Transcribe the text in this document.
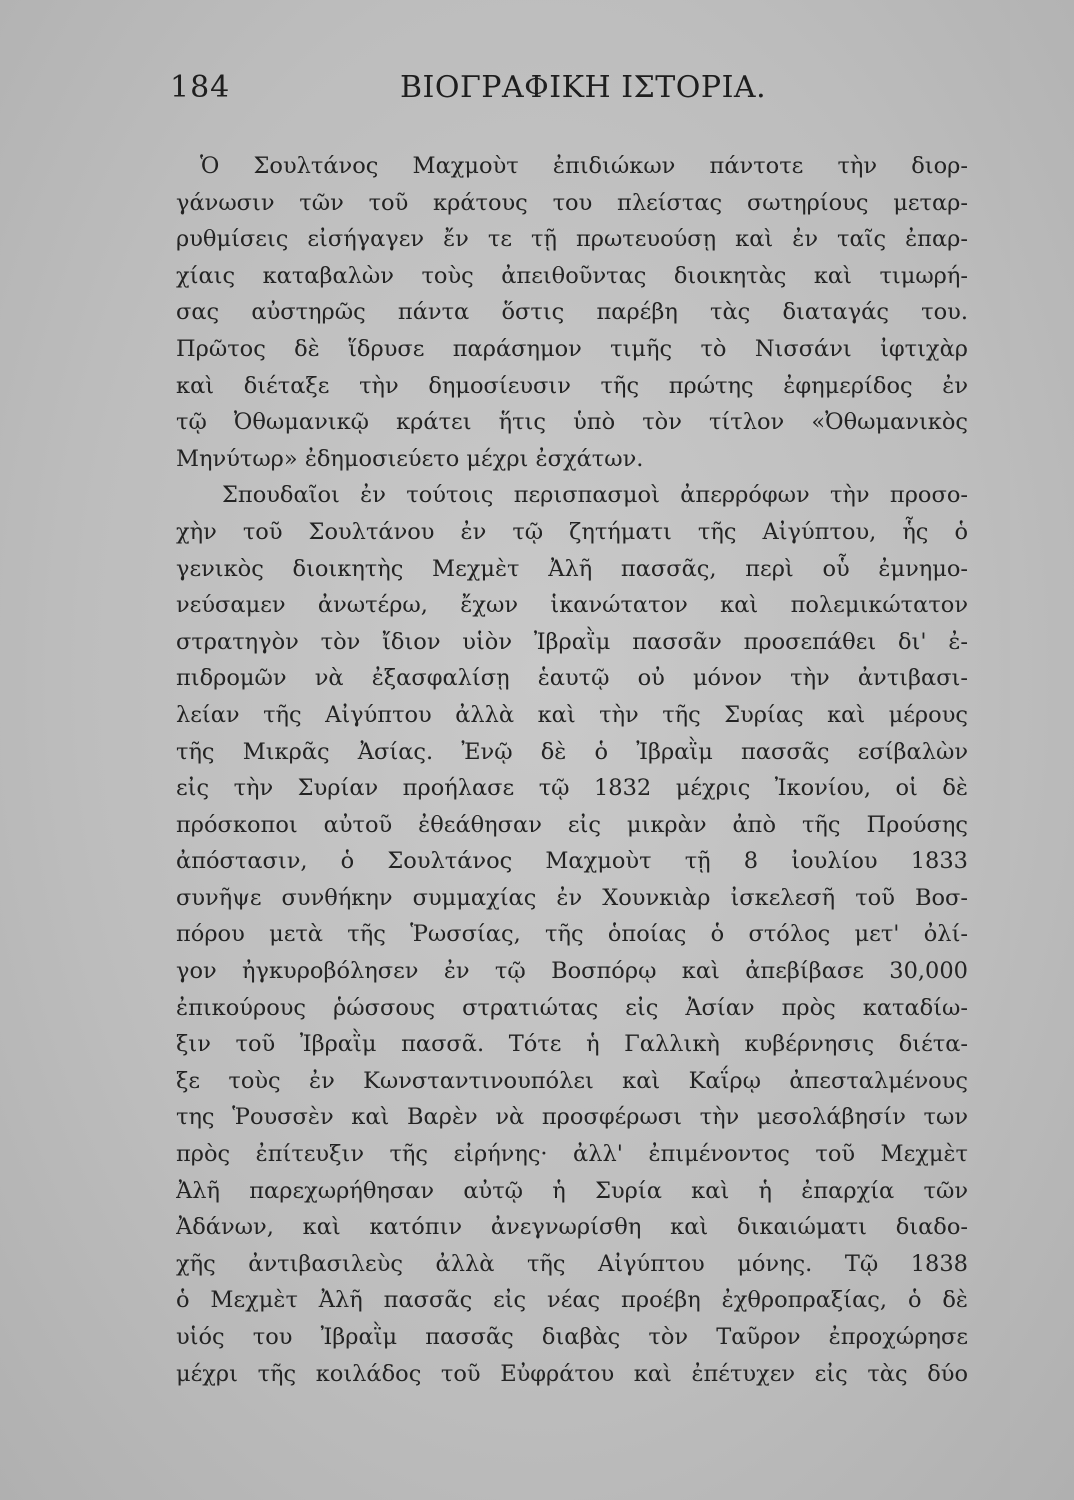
184	ΒΙΟΓΡΑΦΙΚΗ ΙΣΤΟΡΙΑ.
Ὁ Σουλτάνος Μαχμοὺτ ἐπιδιώκων πάντοτε τὴν διορ-
γάνωσιν τῶν τοῦ κράτους του πλείστας σωτηρίους μεταρ-
ρυθμίσεις εἰσήγαγεν ἔν τε τῇ πρωτευούσῃ καὶ ἐν ταῖς ἐπαρ-
χίαις καταβαλὼν τοὺς ἀπειθοῦντας διοικητὰς καὶ τιμωρή-
σας αὐστηρῶς πάντα ὅστις παρέβη τὰς διαταγάς του.
Πρῶτος δὲ ἵδρυσε παράσημον τιμῆς τὸ Νισσάνι ἰφτιχὰρ
καὶ διέταξε τὴν δημοσίευσιν τῆς πρώτης ἐφημερίδος ἐν
τῷ Ὀθωμανικῷ κράτει ἥτις ὑπὸ τὸν τίτλον «Ὀθωμανικὸς
Μηνύτωρ» ἐδημοσιεύετο μέχρι ἐσχάτων.
Σπουδαῖοι ἐν τούτοις περισπασμοὶ ἀπερρόφων τὴν προσο-
χὴν τοῦ Σουλτάνου ἐν τῷ ζητήματι τῆς Αἰγύπτου, ἧς ὁ
γενικὸς διοικητὴς Μεχμὲτ Ἀλῆ πασσᾶς, περὶ οὗ ἐμνημο-
νεύσαμεν ἀνωτέρω, ἔχων ἱκανώτατον καὶ πολεμικώτατον
στρατηγὸν τὸν ἴδιον υἱὸν Ἰβραῒμ πασσᾶν προσεπάθει δι' ἐ-
πιδρομῶν νὰ ἐξασφαλίσῃ ἑαυτῷ οὐ μόνον τὴν ἀντιβασι-
λείαν τῆς Αἰγύπτου ἀλλὰ καὶ τὴν τῆς Συρίας καὶ μέρους
τῆς Μικρᾶς Ἀσίας. Ἐνῷ δὲ ὁ Ἰβραῒμ πασσᾶς εσίβαλὼν
εἰς τὴν Συρίαν προήλασε τῷ 1832 μέχρις Ἰκονίου, οἱ δὲ
πρόσκοποι αὐτοῦ ἐθεάθησαν εἰς μικρὰν ἀπὸ τῆς Προύσης
ἀπόστασιν, ὁ Σουλτάνος Μαχμοὺτ τῇ 8 ἰουλίου 1833
συνῆψε συνθήκην συμμαχίας ἐν Χουνκιὰρ ἰσκελεσῆ τοῦ Βοσ-
πόρου μετὰ τῆς Ῥωσσίας, τῆς ὁποίας ὁ στόλος μετ' ὀλί-
γον ἠγκυροβόλησεν ἐν τῷ Βοσπόρῳ καὶ ἀπεβίβασε 30,000
ἐπικούρους ῥώσσους στρατιώτας εἰς Ἀσίαν πρὸς καταδίω-
ξιν τοῦ Ἰβραῒμ πασσᾶ. Τότε ἡ Γαλλικὴ κυβέρνησις διέτα-
ξε τοὺς ἐν Κωνσταντινουπόλει καὶ Καΐρῳ ἀπεσταλμένους
της Ῥουσσὲν καὶ Βαρὲν νὰ προσφέρωσι τὴν μεσολάβησίν των
πρὸς ἐπίτευξιν τῆς εἰρήνης· ἀλλ' ἐπιμένοντος τοῦ Μεχμὲτ
Ἀλῆ παρεχωρήθησαν αὐτῷ ἡ Συρία καὶ ἡ ἐπαρχία τῶν
Ἀδάνων, καὶ κατόπιν ἀνεγνωρίσθη καὶ δικαιώματι διαδο-
χῆς ἀντιβασιλεὺς ἀλλὰ τῆς Αἰγύπτου μόνης. Τῷ 1838
ὁ Μεχμὲτ Ἀλῆ πασσᾶς εἰς νέας προέβη ἐχθροπραξίας, ὁ δὲ
υἱός του Ἰβραῒμ πασσᾶς διαβὰς τὸν Ταῦρον ἐπροχώρησε
μέχρι τῆς κοιλάδος τοῦ Εὐφράτου καὶ ἐπέτυχεν εἰς τὰς δύο
